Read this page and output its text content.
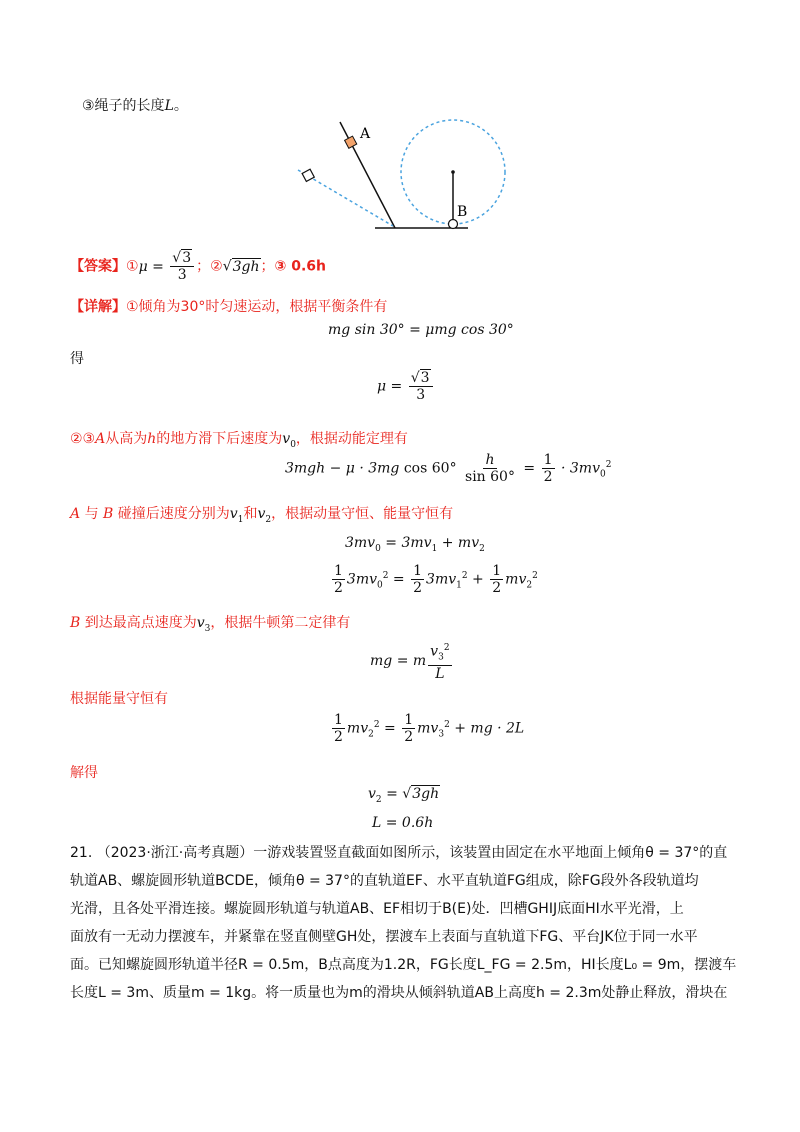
③绳子的长度L。
A
B
【答案】①μ = $\frac{√3}{3}$ ；②√3gh；③ 0.6h
【详解】①倾角为30°时匀速运动，根据平衡条件有
mg sin 30° = μmg cos 30°
得
$\mu = \frac{√3}{3}$
②③A从高为h的地方滑下后速度为$v_0$，根据动能定理有
3mgh − μ · 3mg $\cos 60^\circ \frac{h}{\sin 60^\circ} = \frac{1}{2} \cdot 3mv_0^2$
A 与 B 碰撞后速度分别为$v_1$和$v_2$，根据动量守恒、能量守恒有
$3mv_0 = 3mv_1 + mv_2$
$\frac{1}{2} 3mv_0^2 = \frac{1}{2} 3mv_1^2 + \frac{1}{2} mv_2^2$
B 到达最高点速度为$v_3$，根据牛顿第二定律有
mg = m $\frac{v_3^2}{L}$
根据能量守恒有
$\frac{1}{2} mv_2^2 = \frac{1}{2} mv_3^2$ + mg · 2L
解得
$v_2 = √3gh$
L = 0.6h
21. （2023·浙江·高考真题）一游戏装置竖直截面如图所示，该装置由固定在水平地面上倾角θ = 37°的直
轨道AB、螺旋圆形轨道BCDE，倾角θ = 37°的直轨道EF、水平直轨道FG组成，除FG段外各段轨道均
光滑，且各处平滑连接。螺旋圆形轨道与轨道AB、EF相切于B(E)处．凹槽GHIJ底面HI水平光滑，上
面放有一无动力摆渡车，并紧靠在竖直侧壁GH处，摆渡车上表面与直轨道下FG、平台JK位于同一水平
面。已知螺旋圆形轨道半径R = 0.5m，B点高度为1.2R，FG长度L_FG = 2.5m，HI长度L₀ = 9m，摆渡车
长度L = 3m、质量m = 1kg。将一质量也为m的滑块从倾斜轨道AB上高度h = 2.3m处静止释放，滑块在
